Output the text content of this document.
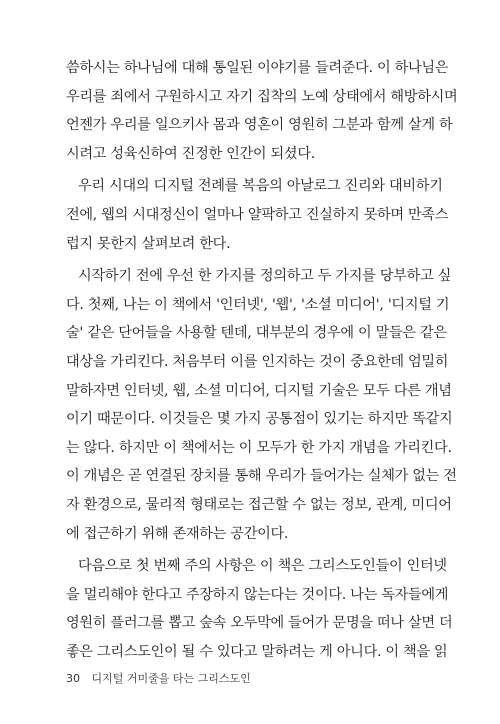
씀하시는 하나님에 대해 통일된 이야기를 들려준다. 이 하나님은
우리를 죄에서 구원하시고 자기 집착의 노예 상태에서 해방하시며
언젠가 우리를 일으키사 몸과 영혼이 영원히 그분과 함께 살게 하
시려고 성육신하여 진정한 인간이 되셨다.
우리 시대의 디지털 전례를 복음의 아날로그 진리와 대비하기
전에, 웹의 시대정신이 얼마나 얄팍하고 진실하지 못하며 만족스
럽지 못한지 살펴보려 한다.
시작하기 전에 우선 한 가지를 정의하고 두 가지를 당부하고 싶
다. 첫째, 나는 이 책에서 '인터넷', '웹', '소셜 미디어', '디지털 기
술' 같은 단어들을 사용할 텐데, 대부분의 경우에 이 말들은 같은
대상을 가리킨다. 처음부터 이를 인지하는 것이 중요한데 엄밀히
말하자면 인터넷, 웹, 소셜 미디어, 디지털 기술은 모두 다른 개념
이기 때문이다. 이것들은 몇 가지 공통점이 있기는 하지만 똑같지
는 않다. 하지만 이 책에서는 이 모두가 한 가지 개념을 가리킨다.
이 개념은 곧 연결된 장치를 통해 우리가 들어가는 실체가 없는 전
자 환경으로, 물리적 형태로는 접근할 수 없는 정보, 관계, 미디어
에 접근하기 위해 존재하는 공간이다.
다음으로 첫 번째 주의 사항은 이 책은 그리스도인들이 인터넷
을 멀리해야 한다고 주장하지 않는다는 것이다. 나는 독자들에게
영원히 플러그를 뽑고 숲속 오두막에 들어가 문명을 떠나 살면 더
좋은 그리스도인이 될 수 있다고 말하려는 게 아니다. 이 책을 읽
30 디지털 거미줄을 타는 그리스도인
